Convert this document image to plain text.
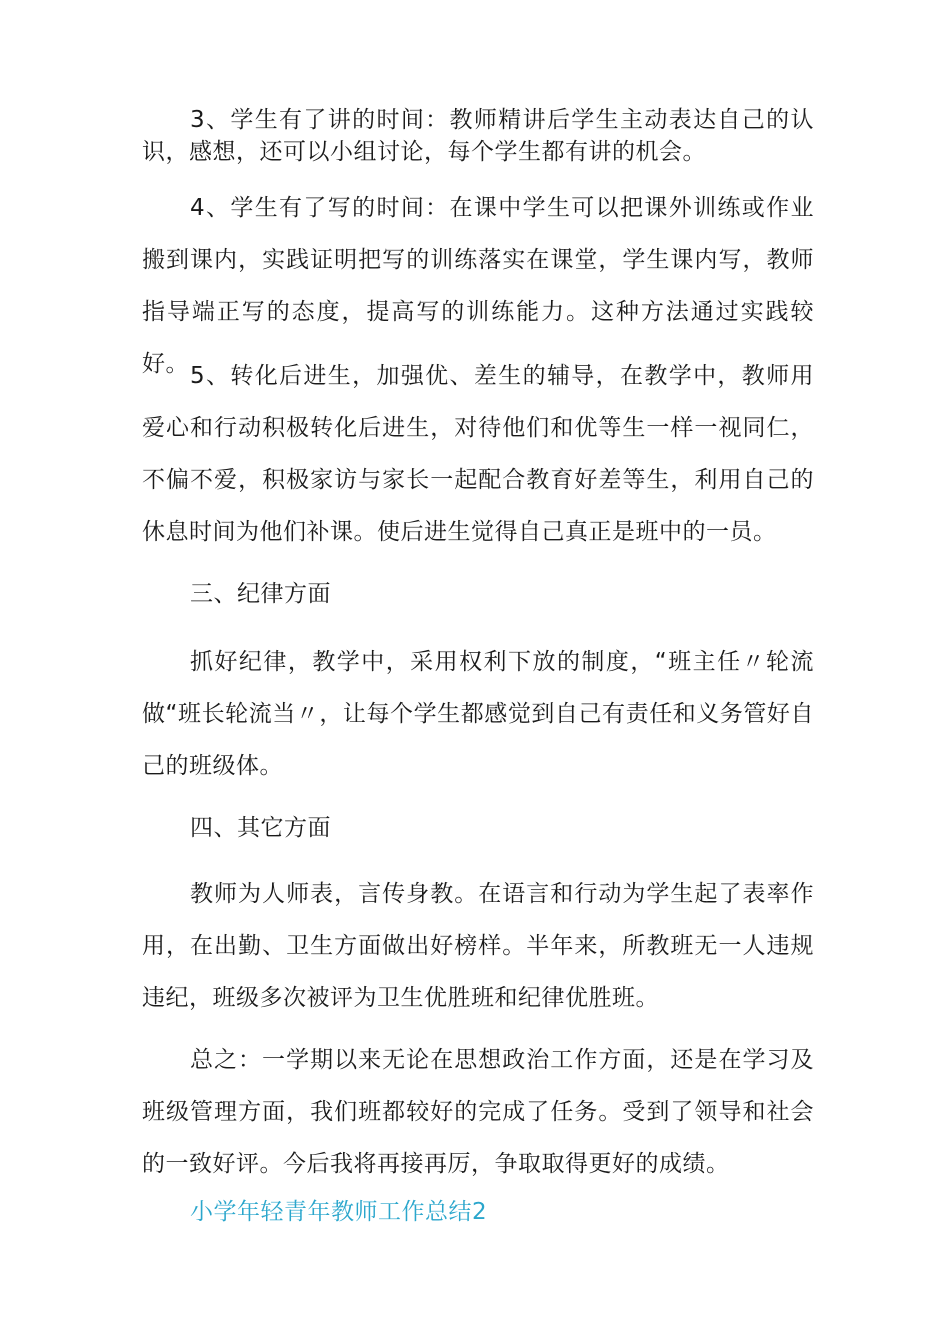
3、学生有了讲的时间：教师精讲后学生主动表达自己的认识，感想，还可以小组讨论，每个学生都有讲的机会。

4、学生有了写的时间：在课中学生可以把课外训练或作业搬到课内，实践证明把写的训练落实在课堂，学生课内写，教师指导端正写的态度，提高写的训练能力。这种方法通过实践较好。 5、转化后进生，加强优、差生的辅导，在教学中，教师用爱心和行动积极转化后进生，对待他们和优等生一样一视同仁，不偏不爱，积极家访与家长一起配合教育好差等生，利用自己的休息时间为他们补课。使后进生觉得自己真正是班中的一员。

三、纪律方面

抓好纪律，教学中，采用权利下放的制度，“班主任〃轮流做“班长轮流当〃，让每个学生都感觉到自己有责任和义务管好自己的班级体。

四、其它方面

教师为人师表，言传身教。在语言和行动为学生起了表率作用，在出勤、卫生方面做出好榜样。半年来，所教班无一人违规违纪，班级多次被评为卫生优胜班和纪律优胜班。

总之：一学期以来无论在思想政治工作方面，还是在学习及班级管理方面，我们班都较好的完成了任务。受到了领导和社会的一致好评。今后我将再接再厉，争取取得更好的成绩。

小学年轻青年教师工作总结2
